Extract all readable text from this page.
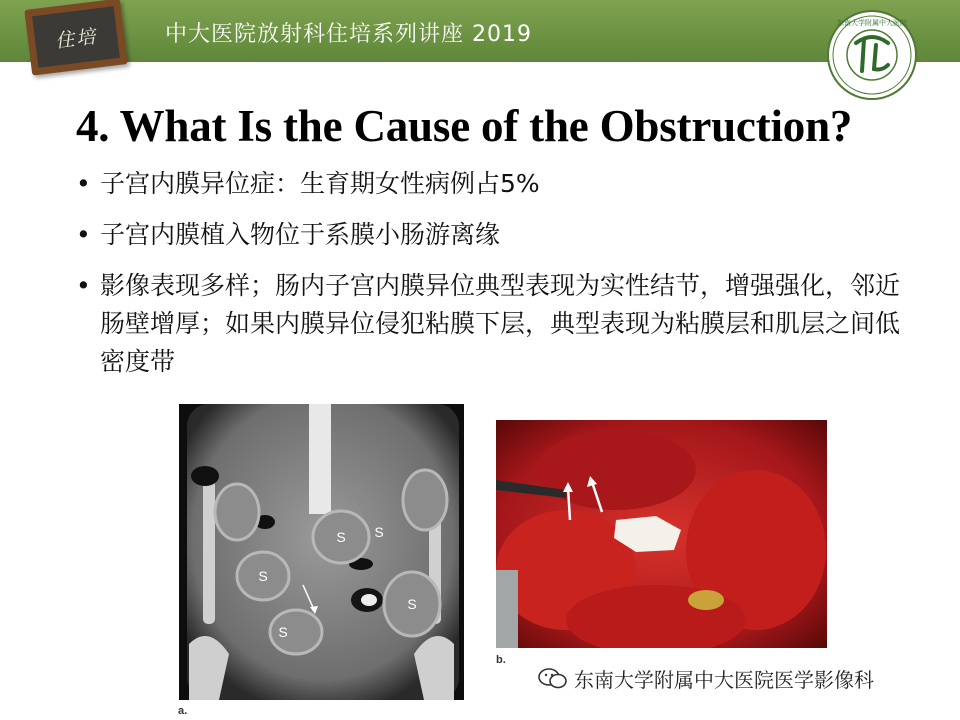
住培	中大医院放射科住培系列讲座 2019	东南大学附属中大医院
4. What Is the Cause of the Obstruction?
• 子宫内膜异位症：生育期女性病例占5%
• 子宫内膜植入物位于系膜小肠游离缘
• 影像表现多样；肠内子宫内膜异位典型表现为实性结节，增强强化，邻近肠壁增厚；如果内膜异位侵犯粘膜下层，典型表现为粘膜层和肌层之间低密度带
S
S
S
S
S
a.
b.
东南大学附属中大医院医学影像科
